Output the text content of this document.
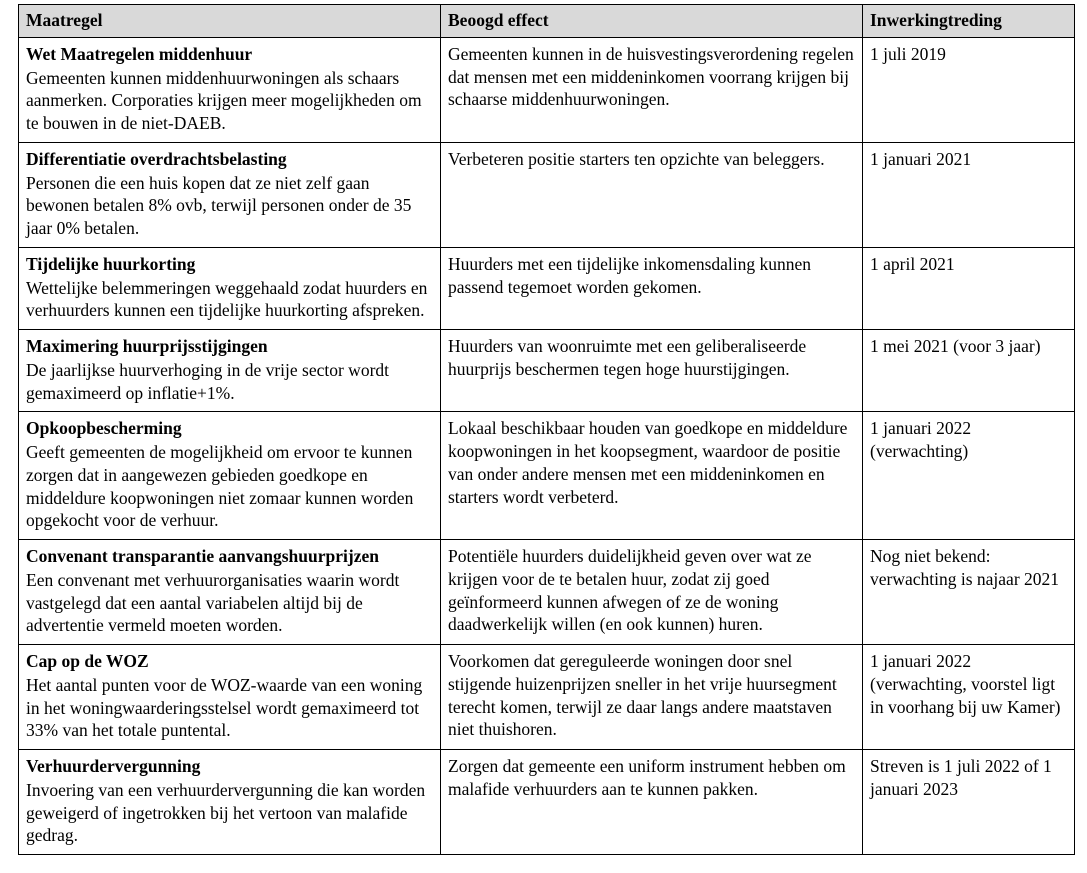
Maatregel	Beoogd effect	Inwerkingtreding

Wet Maatregelen middenhuur
Gemeenten kunnen middenhuurwoningen als schaars aanmerken. Corporaties krijgen meer mogelijkheden om te bouwen in de niet-DAEB.	Gemeenten kunnen in de huisvestingsverordening regelen dat mensen met een middeninkomen voorrang krijgen bij schaarse middenhuurwoningen.	1 juli 2019

Differentiatie overdrachtsbelasting
Personen die een huis kopen dat ze niet zelf gaan bewonen betalen 8% ovb, terwijl personen onder de 35 jaar 0% betalen.	Verbeteren positie starters ten opzichte van beleggers.	1 januari 2021

Tijdelijke huurkorting
Wettelijke belemmeringen weggehaald zodat huurders en verhuurders kunnen een tijdelijke huurkorting afspreken.	Huurders met een tijdelijke inkomensdaling kunnen passend tegemoet worden gekomen.	1 april 2021

Maximering huurprijsstijgingen
De jaarlijkse huurverhoging in de vrije sector wordt gemaximeerd op inflatie+1%.	Huurders van woonruimte met een geliberaliseerde huurprijs beschermen tegen hoge huurstijgingen.	1 mei 2021 (voor 3 jaar)

Opkoopbescherming
Geeft gemeenten de mogelijkheid om ervoor te kunnen zorgen dat in aangewezen gebieden goedkope en middeldure koopwoningen niet zomaar kunnen worden opgekocht voor de verhuur.	Lokaal beschikbaar houden van goedkope en middeldure koopwoningen in het koopsegment, waardoor de positie van onder andere mensen met een middeninkomen en starters wordt verbeterd.	1 januari 2022 (verwachting)

Convenant transparantie aanvangshuurprijzen
Een convenant met verhuurorganisaties waarin wordt vastgelegd dat een aantal variabelen altijd bij de advertentie vermeld moeten worden.	Potentiële huurders duidelijkheid geven over wat ze krijgen voor de te betalen huur, zodat zij goed geïnformeerd kunnen afwegen of ze de woning daadwerkelijk willen (en ook kunnen) huren.	Nog niet bekend: verwachting is najaar 2021

Cap op de WOZ
Het aantal punten voor de WOZ-waarde van een woning in het woningwaarderingsstelsel wordt gemaximeerd tot 33% van het totale puntental.	Voorkomen dat gereguleerde woningen door snel stijgende huizenprijzen sneller in het vrije huursegment terecht komen, terwijl ze daar langs andere maatstaven niet thuishoren.	1 januari 2022 (verwachting, voorstel ligt in voorhang bij uw Kamer)

Verhuurdervergunning
Invoering van een verhuurdervergunning die kan worden geweigerd of ingetrokken bij het vertoon van malafide gedrag.	Zorgen dat gemeente een uniform instrument hebben om malafide verhuurders aan te kunnen pakken.	Streven is 1 juli 2022 of 1 januari 2023
